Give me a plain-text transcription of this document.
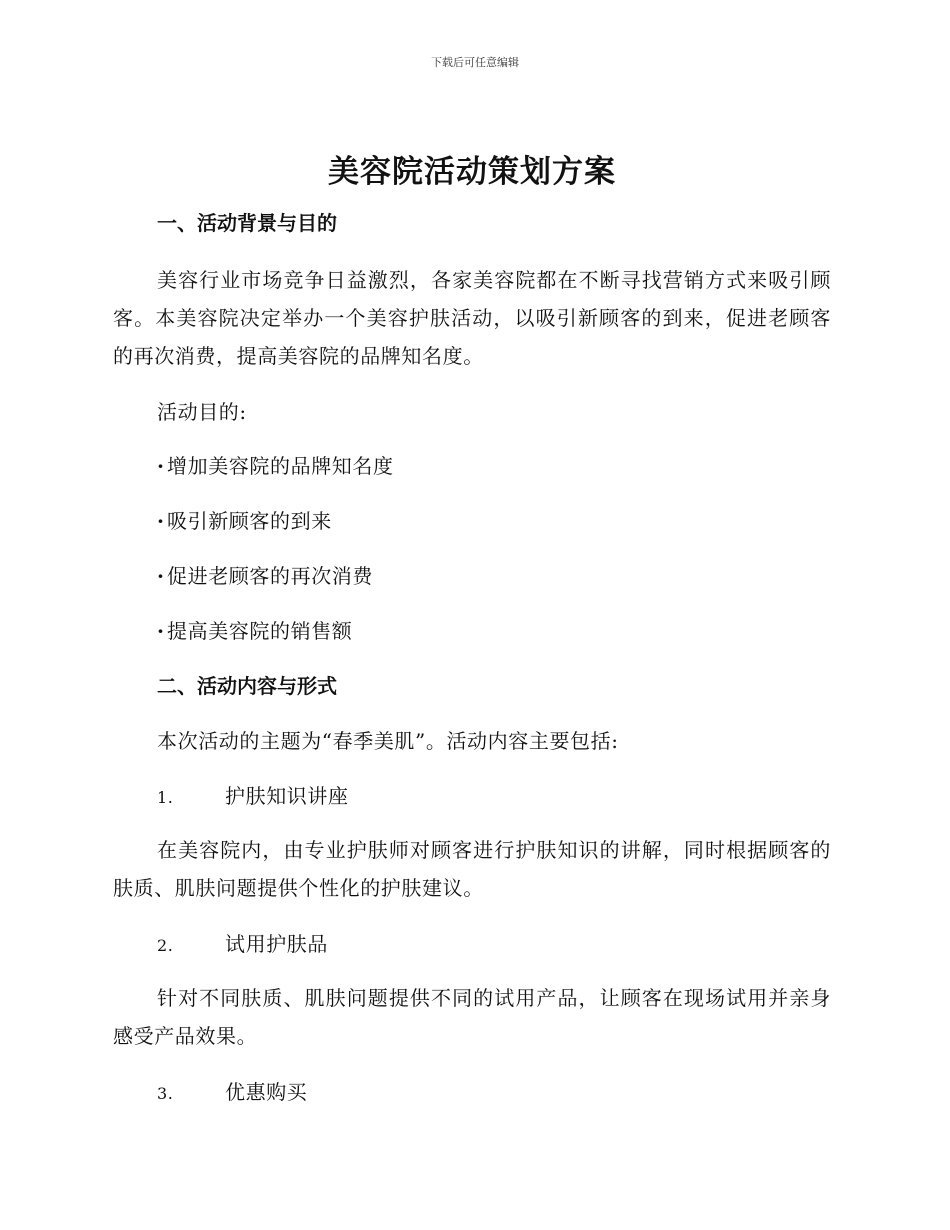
下载后可任意编辑
美容院活动策划方案
一、活动背景与目的

美容行业市场竞争日益激烈，各家美容院都在不断寻找营销方式来吸引顾客。本美容院决定举办一个美容护肤活动，以吸引新顾客的到来，促进老顾客的再次消费，提高美容院的品牌知名度。

活动目的:

· 增加美容院的品牌知名度

· 吸引新顾客的到来

· 促进老顾客的再次消费

· 提高美容院的销售额

二、活动内容与形式

本次活动的主题为“春季美肌”。活动内容主要包括:

1.	护肤知识讲座

在美容院内，由专业护肤师对顾客进行护肤知识的讲解，同时根据顾客的肤质、肌肤问题提供个性化的护肤建议。

2.	试用护肤品

针对不同肤质、肌肤问题提供不同的试用产品，让顾客在现场试用并亲身感受产品效果。

3.	优惠购买
